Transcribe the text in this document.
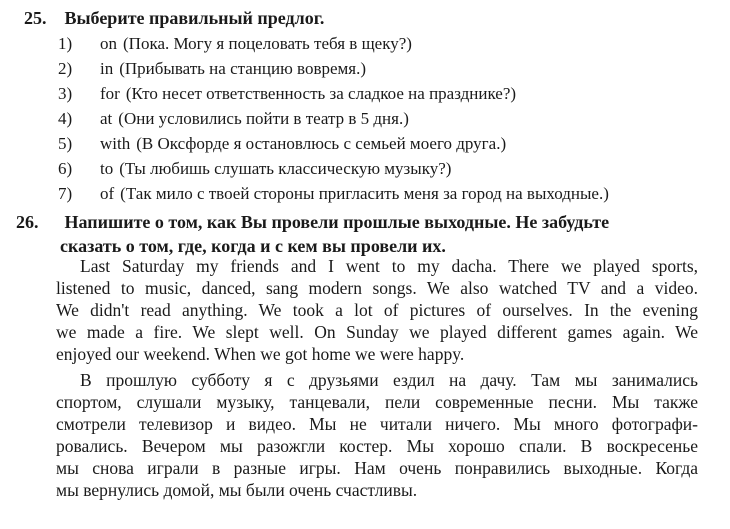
25. Выберите правильный предлог.
1) on (Пока. Могу я поцеловать тебя в щеку?)
2) in (Прибывать на станцию вовремя.)
3) for (Кто несет ответственность за сладкое на празднике?)
4) at (Они условились пойти в театр в 5 дня.)
5) with (В Оксфорде я остановлюсь с семьей моего друга.)
6) to (Ты любишь слушать классическую музыку?)
7) of (Так мило с твоей стороны пригласить меня за город на выходные.)
26. Напишите о том, как Вы провели прошлые выходные. Не забудьте
сказать о том, где, когда и с кем вы провели их.
Last Saturday my friends and I went to my dacha. There we played sports,
listened to music, danced, sang modern songs. We also watched TV and a video.
We didn't read anything. We took a lot of pictures of ourselves. In the evening
we made a fire. We slept well. On Sunday we played different games again. We
enjoyed our weekend. When we got home we were happy.
В прошлую субботу я с друзьями ездил на дачу. Там мы занимались
спортом, слушали музыку, танцевали, пели современные песни. Мы также
смотрели телевизор и видео. Мы не читали ничего. Мы много фотографи-
ровались. Вечером мы разожгли костер. Мы хорошо спали. В воскресенье
мы снова играли в разные игры. Нам очень понравились выходные. Когда
мы вернулись домой, мы были очень счастливы.
